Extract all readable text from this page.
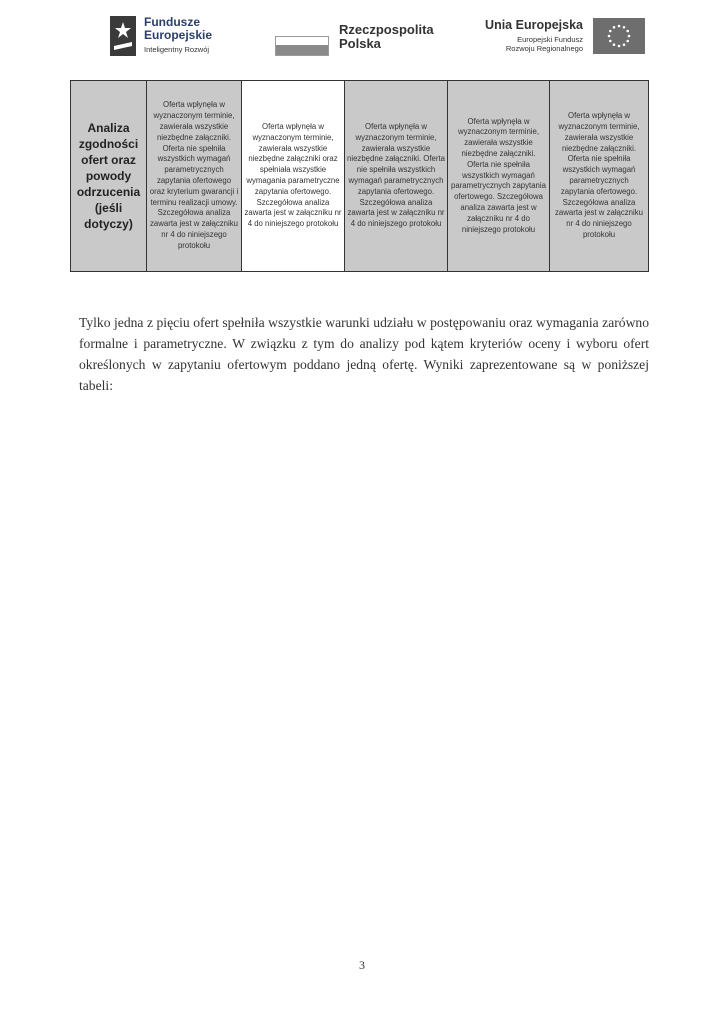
Fundusze
Europejskie
Inteligentny Rozwój
Rzeczpospolita
Polska
Unia Europejska
Europejski Fundusz
Rozwoju Regionalnego
Analiza zgodności ofert oraz powody odrzucenia (jeśli dotyczy)	Oferta wpłynęła w wyznaczonym terminie, zawierała wszystkie niezbędne załączniki. Oferta nie spełniła wszystkich wymagań parametrycznych zapytania ofertowego oraz kryterium gwarancji i terminu realizacji umowy. Szczegółowa analiza zawarta jest w załączniku nr 4 do niniejszego protokołu	Oferta wpłynęła w wyznaczonym terminie, zawierała wszystkie niezbędne załączniki oraz spełniała wszystkie wymagania parametryczne zapytania ofertowego. Szczegółowa analiza zawarta jest w załączniku nr 4 do niniejszego protokołu	Oferta wpłynęła w wyznaczonym terminie, zawierała wszystkie niezbędne załączniki. Oferta nie spełniła wszystkich wymagań parametrycznych zapytania ofertowego. Szczegółowa analiza zawarta jest w załączniku nr 4 do niniejszego protokołu	Oferta wpłynęła w wyznaczonym terminie, zawierała wszystkie niezbędne załączniki. Oferta nie spełniła wszystkich wymagań parametrycznych zapytania ofertowego. Szczegółowa analiza zawarta jest w załączniku nr 4 do niniejszego protokołu	Oferta wpłynęła w wyznaczonym terminie, zawierała wszystkie niezbędne załączniki. Oferta nie spełniła wszystkich wymagań parametrycznych zapytania ofertowego. Szczegółowa analiza zawarta jest w załączniku nr 4 do niniejszego protokołu

Tylko jedna z pięciu ofert spełniła wszystkie warunki udziału w postępowaniu oraz wymagania zarówno formalne i parametryczne. W związku z tym do analizy pod kątem kryteriów oceny i wyboru ofert określonych w zapytaniu ofertowym poddano jedną ofertę. Wyniki zaprezentowane są w poniższej tabeli:

3
